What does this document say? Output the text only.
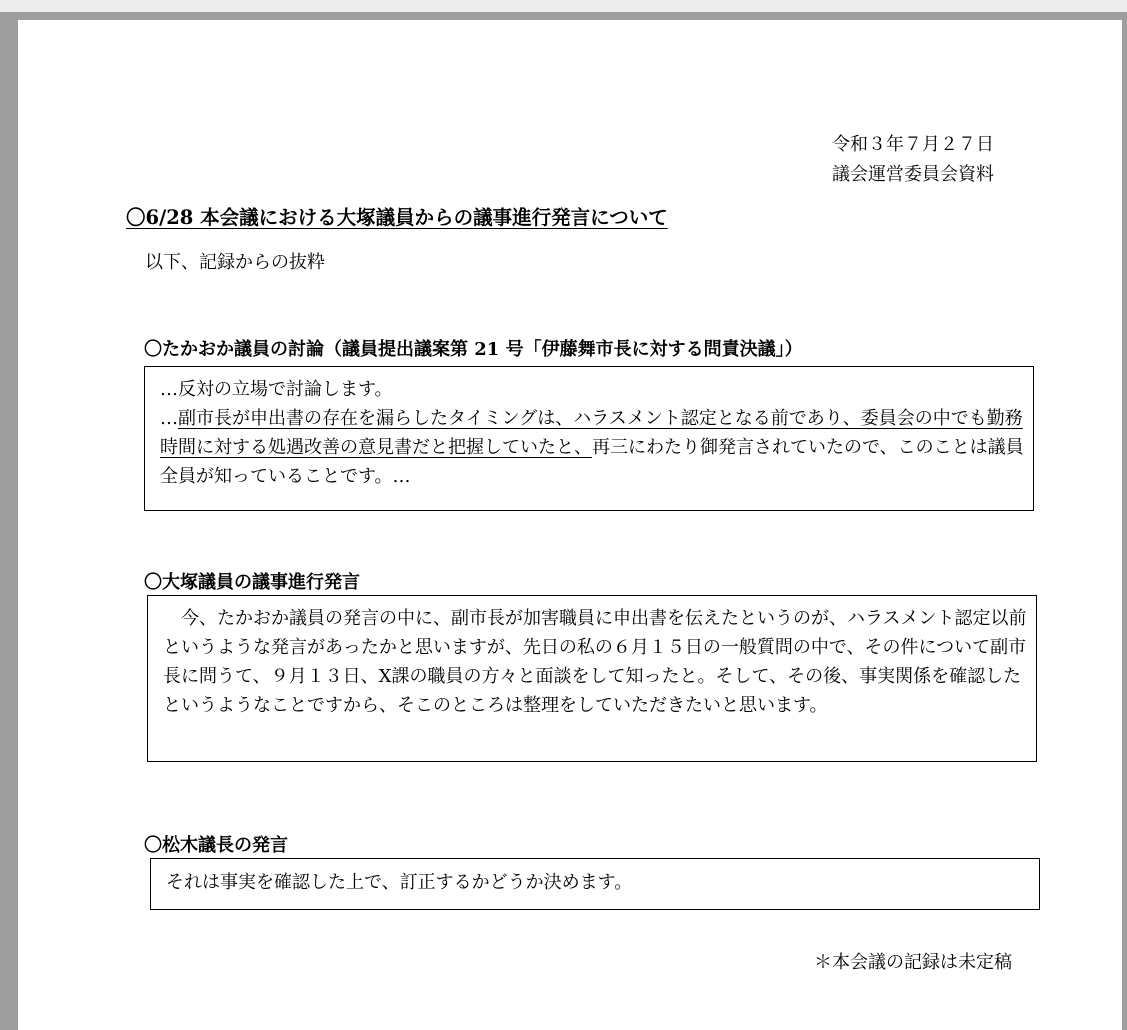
令和３年７月２７日
議会運営委員会資料
〇6/28 本会議における大塚議員からの議事進行発言について
以下、記録からの抜粋
〇たかおか議員の討論（議員提出議案第 21 号「伊藤舞市長に対する問責決議」）

…反対の立場で討論します。

…副市長が申出書の存在を漏らしたタイミングは、ハラスメント認定となる前であり、委員会の中でも勤務時間に対する処遇改善の意見書だと把握していたと、再三にわたり御発言されていたので、このことは議員全員が知っていることです。…

〇大塚議員の議事進行発言

　今、たかおか議員の発言の中に、副市長が加害職員に申出書を伝えたというのが、ハラスメント認定以前というような発言があったかと思いますが、先日の私の６月１５日の一般質問の中で、その件について副市長に問うて、９月１３日、X課の職員の方々と面談をして知ったと。そして、その後、事実関係を確認したというようなことですから、そこのところは整理をしていただきたいと思います。

〇松木議長の発言

それは事実を確認した上で、訂正するかどうか決めます。

＊本会議の記録は未定稿
